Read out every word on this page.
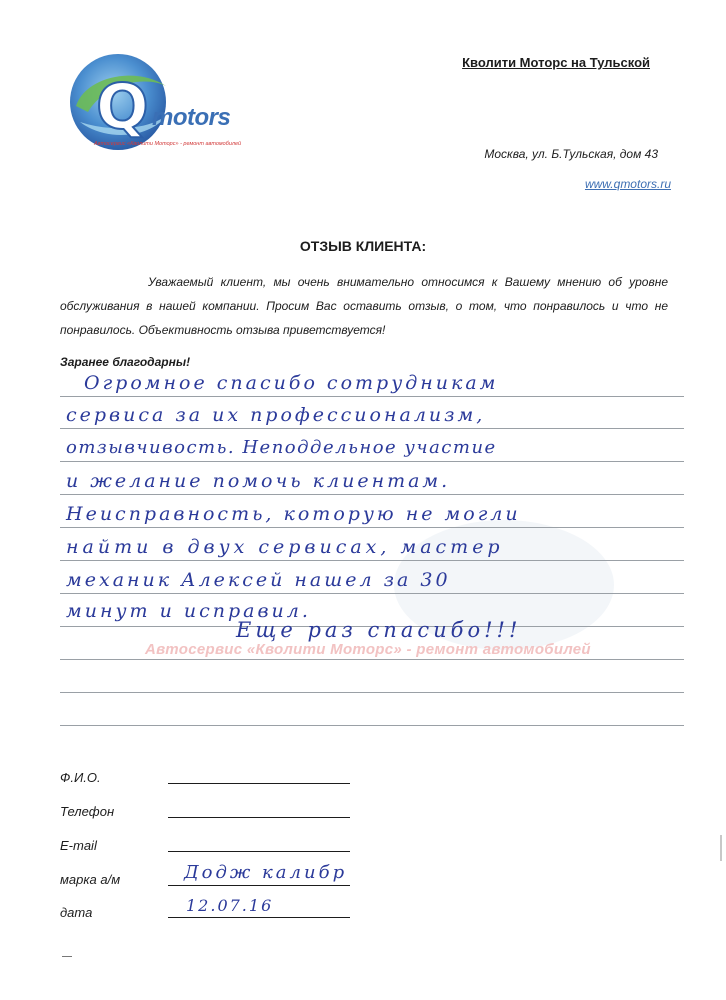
Q motors
Автосервис «Кволити Моторс» - ремонт автомобилей
Кволити Моторс на Тульской
Москва, ул. Б.Тульская, дом 43
www.qmotors.ru
ОТЗЫВ КЛИЕНТА:
Уважаемый клиент, мы очень внимательно относимся к Вашему мнению об уровне обслуживания в нашей компании. Просим Вас оставить отзыв, о том, что понравилось и что не понравилось. Объективность отзыва приветствуется!
Заранее благодарны!
Автосервис «Кволити Моторс» - ремонт автомобилей
Огромное спасибо сотрудникам
сервиса за их профессионализм,
отзывчивость. Неподдельное участие
и желание помочь клиентам.
Неисправность, которую не могли
найти в двух сервисах, мастер
механик Алексей нашел за 30
минут и исправил.
Еще раз спасибо!!!
Ф.И.О.
Телефон
E-mail
марка а/м	Додж калибр
дата	12.07.16
